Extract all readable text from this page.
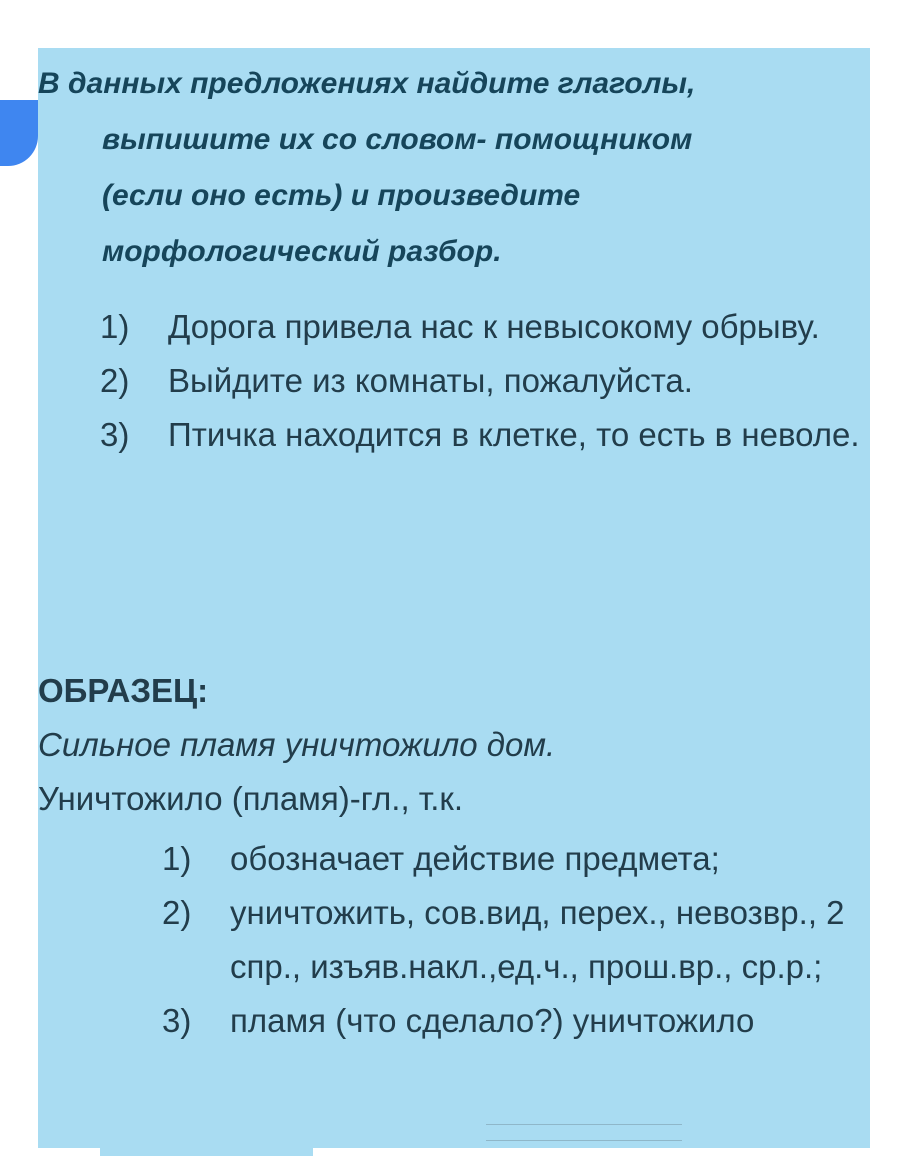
В данных предложениях найдите глаголы,
выпишите их со словом- помощником
(если оно есть) и произведите
морфологический разбор.
1) Дорога привела нас к невысокому обрыву.
2) Выйдите из комнаты, пожалуйста.
3) Птичка находится в клетке, то есть в неволе.
ОБРАЗЕЦ:
Сильное пламя уничтожило дом.
Уничтожило (пламя)-гл., т.к.
1) обозначает действие предмета;
2) уничтожить, сов.вид, перех., невозвр., 2 спр., изъяв.накл.,ед.ч., прош.вр., ср.р.;
3) пламя (что сделало?) уничтожило
